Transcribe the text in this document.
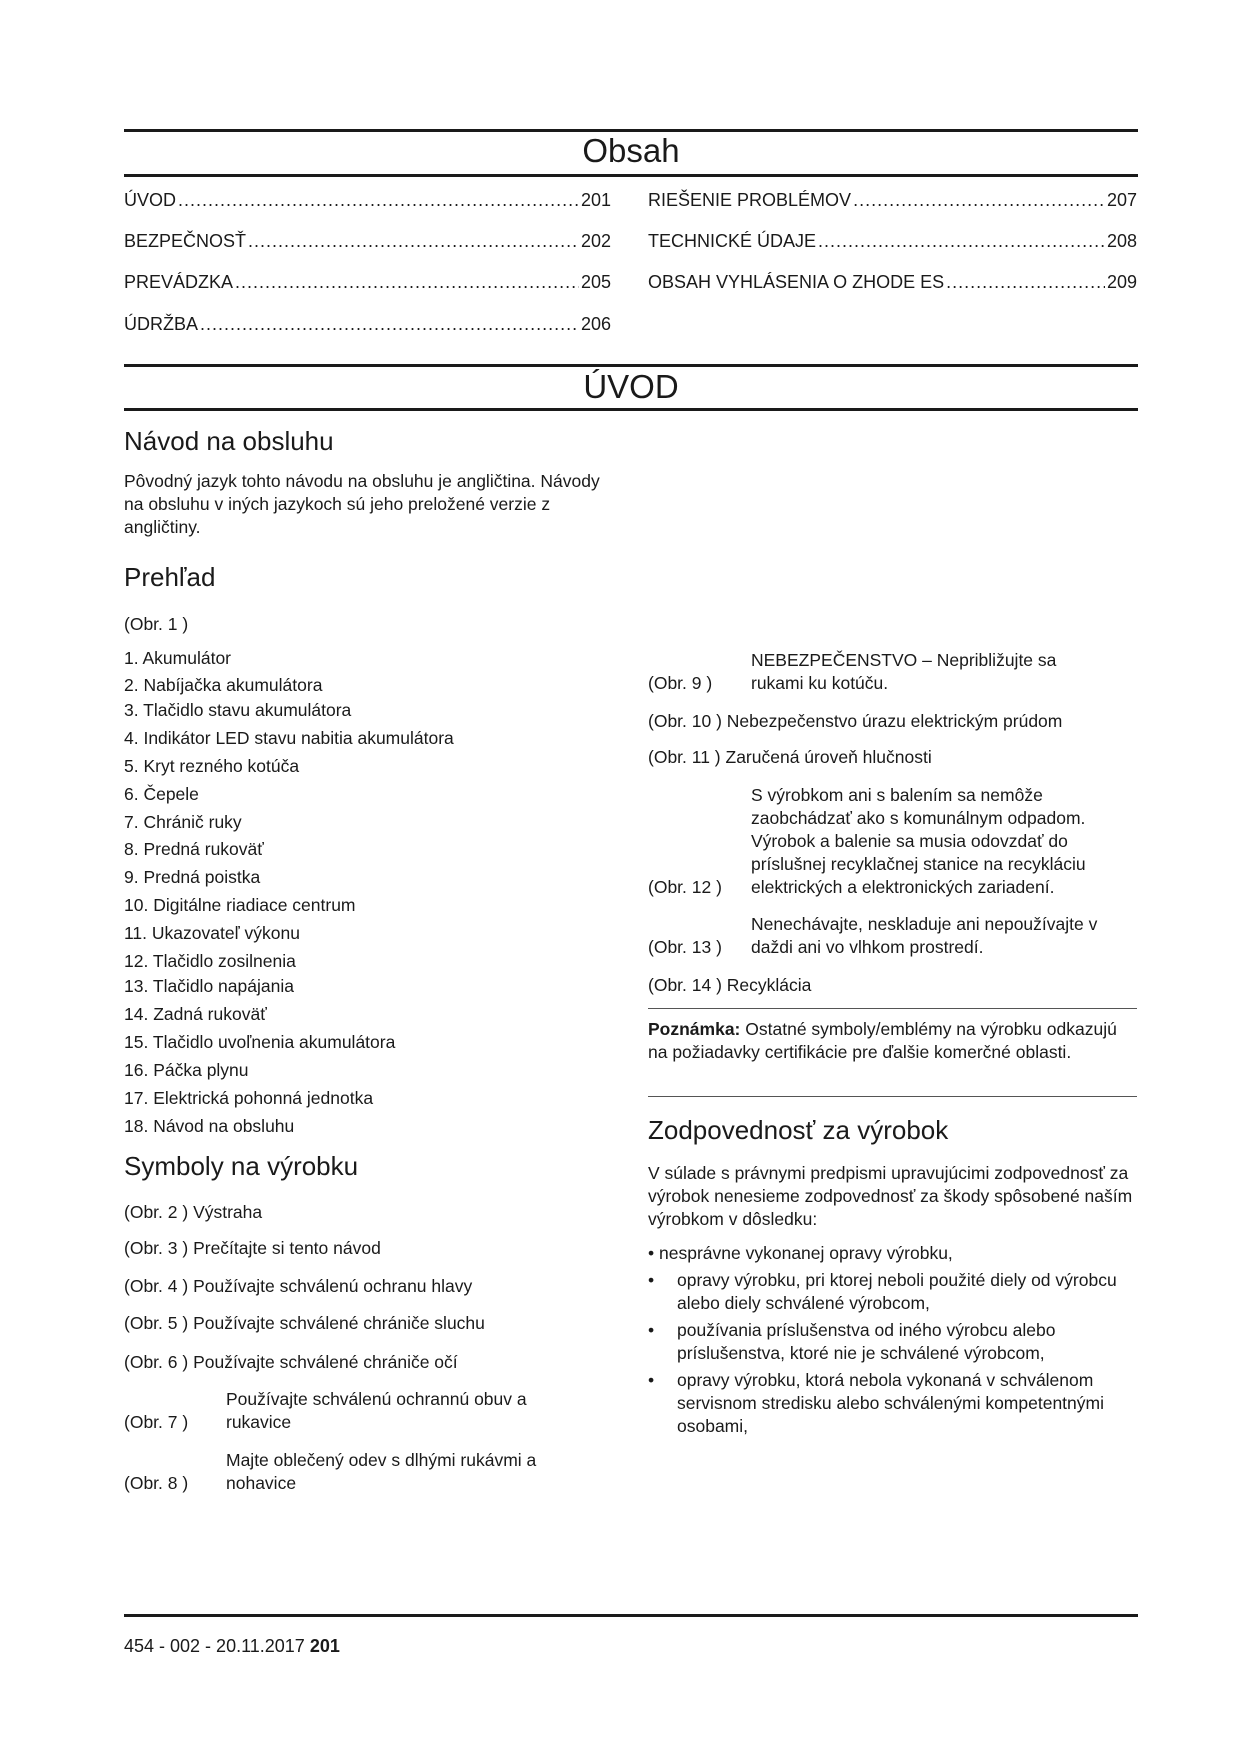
Obsah
ÚVOD .....	201
BEZPEČNOSŤ .....	202
PREVÁDZKA .....	205
ÚDRŽBA .....	206
RIEŠENIE PROBLÉMOV .....	207
TECHNICKÉ ÚDAJE .....	208
OBSAH VYHLÁSENIA O ZHODE ES .....	209
ÚVOD
Návod na obsluhu
Pôvodný jazyk tohto návodu na obsluhu je angličtina. Návody na obsluhu v iných jazykoch sú jeho preložené verzie z angličtiny.
Prehľad
(Obr. 1 )
1. Akumulátor
2. Nabíjačka akumulátora
3. Tlačidlo stavu akumulátora
4. Indikátor LED stavu nabitia akumulátora
5. Kryt rezného kotúča
6. Čepele
7. Chránič ruky
8. Predná rukoväť
9. Predná poistka
10. Digitálne riadiace centrum
11. Ukazovateľ výkonu
12. Tlačidlo zosilnenia
13. Tlačidlo napájania
14. Zadná rukoväť
15. Tlačidlo uvoľnenia akumulátora
16. Páčka plynu
17. Elektrická pohonná jednotka
18. Návod na obsluhu
Symboly na výrobku
(Obr. 2 ) Výstraha
(Obr. 3 ) Prečítajte si tento návod
(Obr. 4 ) Používajte schválenú ochranu hlavy
(Obr. 5 ) Používajte schválené chrániče sluchu
(Obr. 6 ) Používajte schválené chrániče očí
(Obr. 7 )
Používajte schválenú ochrannú obuv a rukavice
(Obr. 8 )
Majte oblečený odev s dlhými rukávmi a nohavice
(Obr. 9 )
NEBEZPEČENSTVO – Nepribližujte sa rukami ku kotúču.
(Obr. 10 ) Nebezpečenstvo úrazu elektrickým prúdom
(Obr. 11 ) Zaručená úroveň hlučnosti
(Obr. 12 )
S výrobkom ani s balením sa nemôže zaobchádzať ako s komunálnym odpadom. Výrobok a balenie sa musia odovzdať do príslušnej recyklačnej stanice na recykláciu elektrických a elektronických zariadení.
(Obr. 13 )
Nenechávajte, neskladuje ani nepoužívajte v daždi ani vo vlhkom prostredí.
(Obr. 14 ) Recyklácia
Poznámka: Ostatné symboly/emblémy na výrobku odkazujú na požiadavky certifikácie pre ďalšie komerčné oblasti.
Zodpovednosť za výrobok
V súlade s právnymi predpismi upravujúcimi zodpovednosť za výrobok nenesieme zodpovednosť za škody spôsobené naším výrobkom v dôsledku:
• nesprávne vykonanej opravy výrobku,
•	opravy výrobku, pri ktorej neboli použité diely od výrobcu alebo diely schválené výrobcom,
•	používania príslušenstva od iného výrobcu alebo príslušenstva, ktoré nie je schválené výrobcom,
•	opravy výrobku, ktorá nebola vykonaná v schválenom servisnom stredisku alebo schválenými kompetentnými osobami,
454 - 002 - 20.11.2017 201
